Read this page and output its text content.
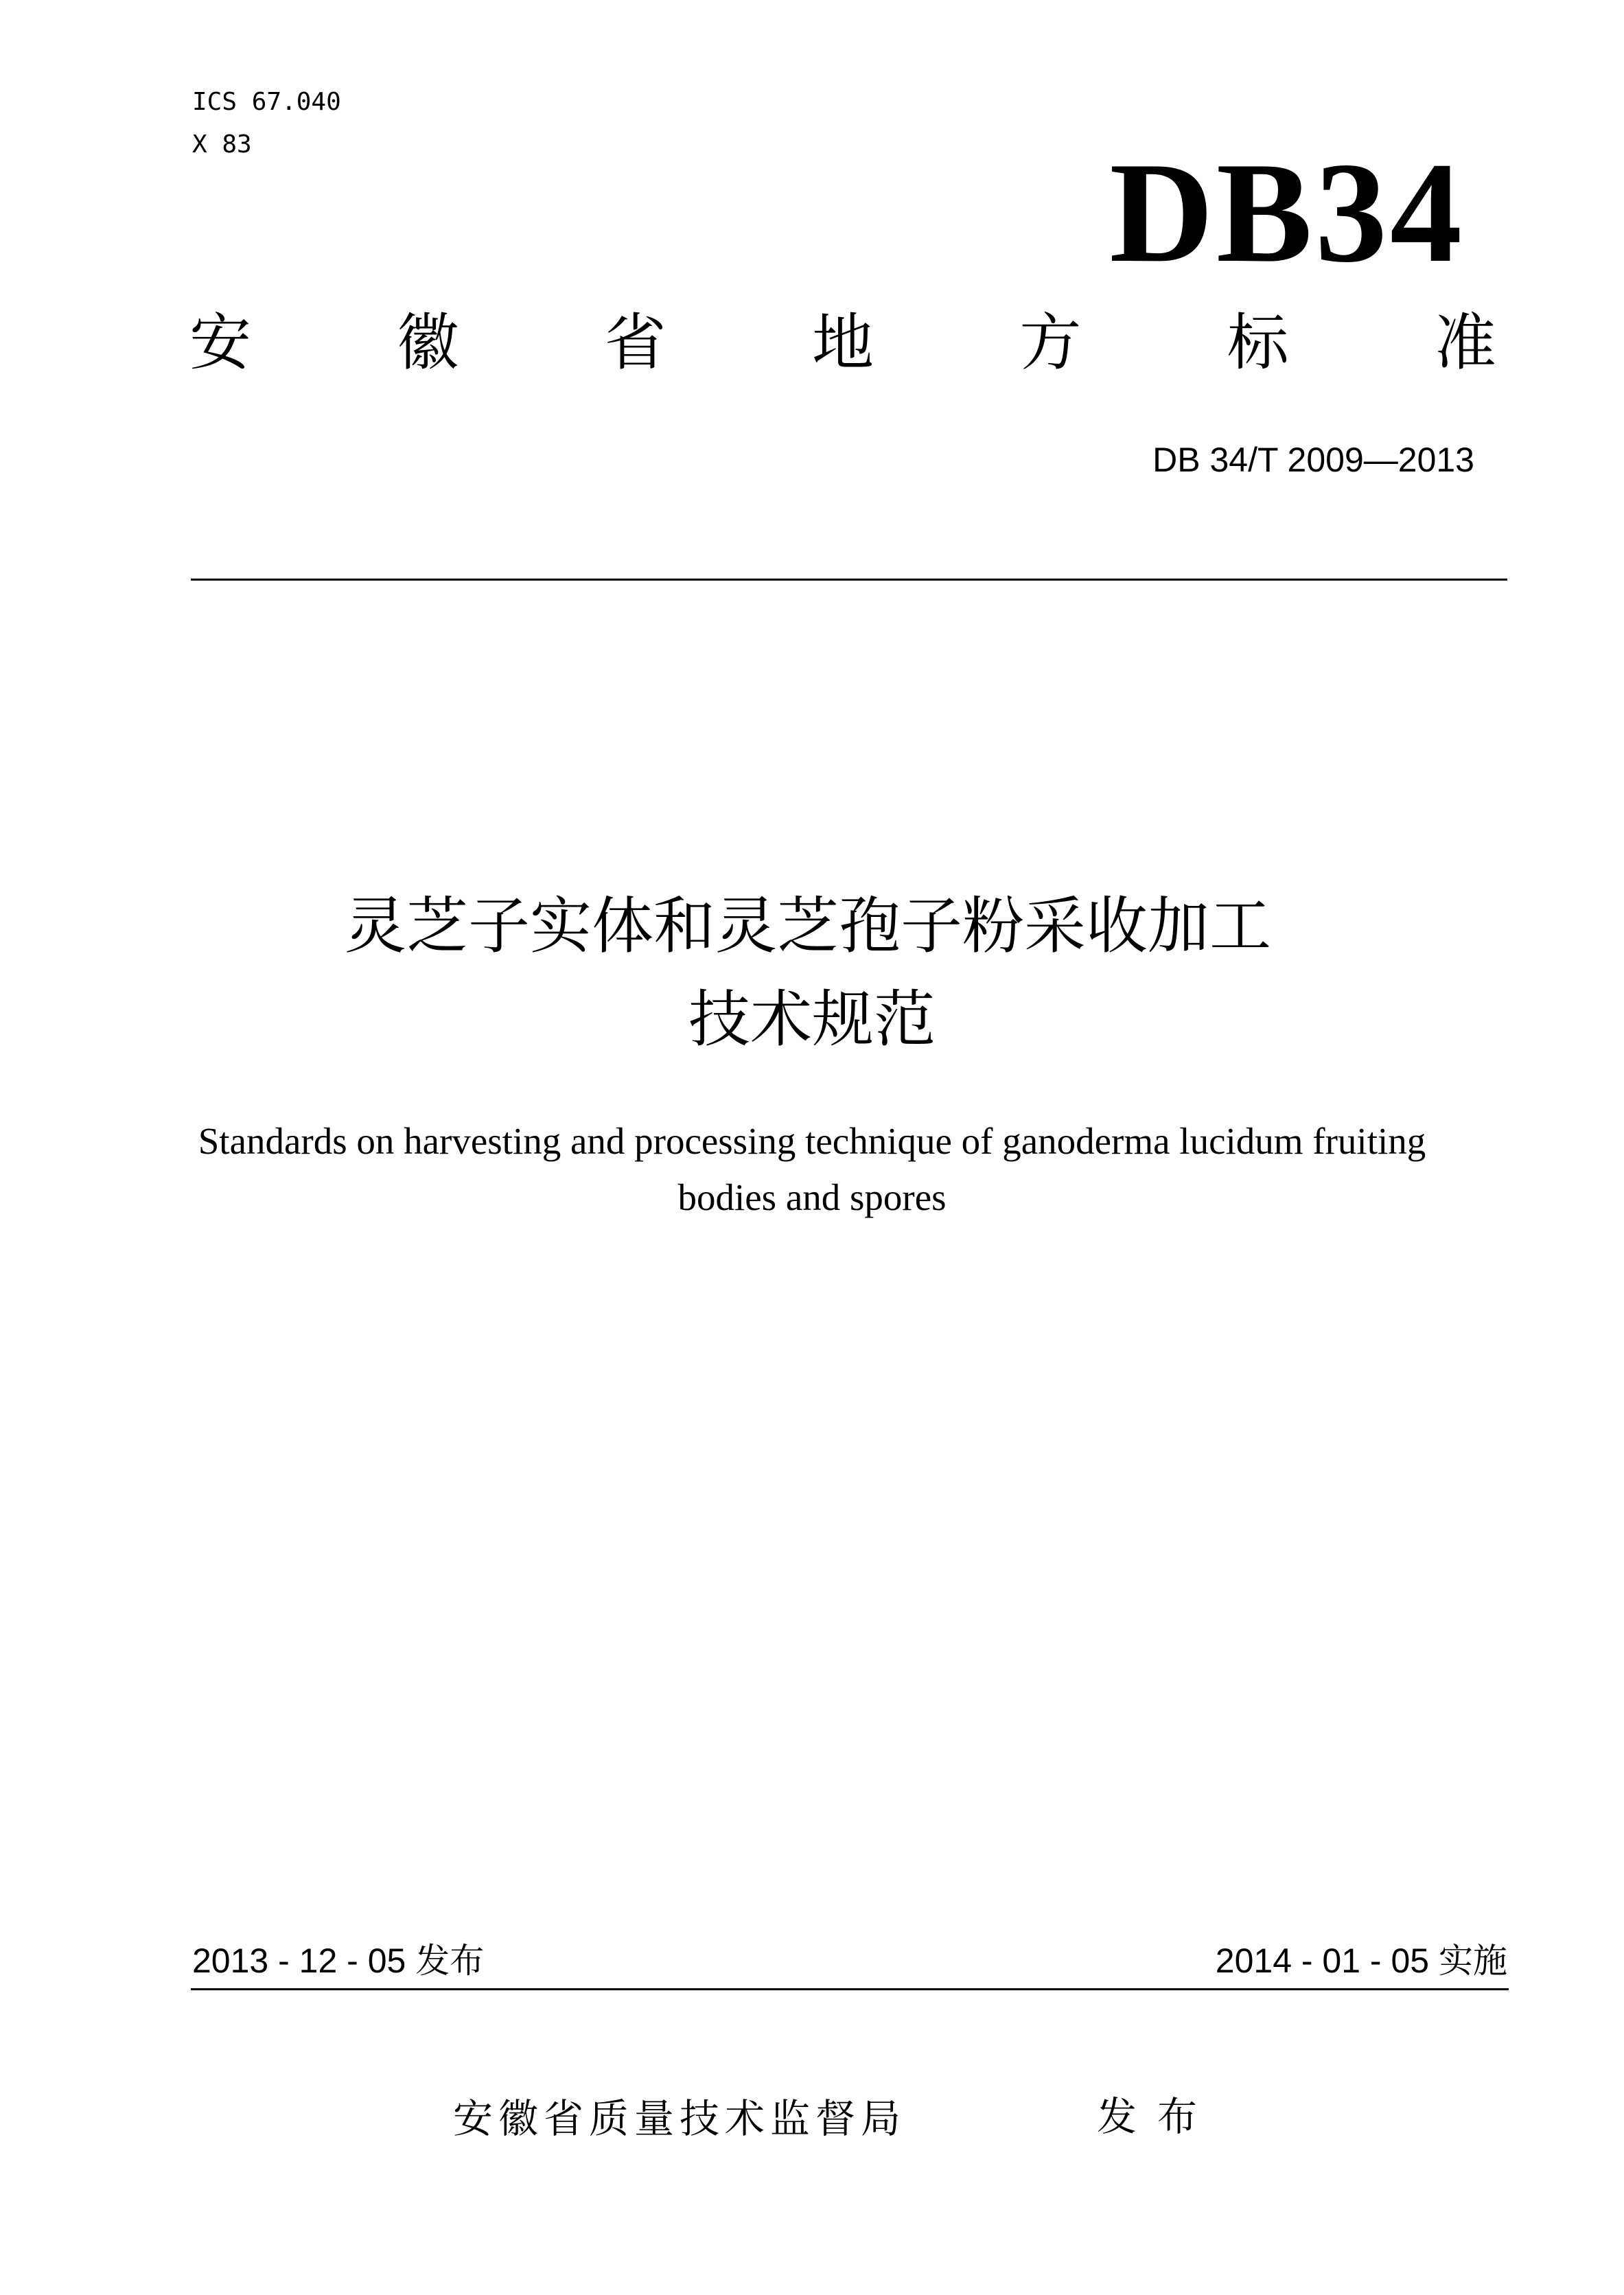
ICS 67.040
X 83	DB34
安 徽 省 地 方 标 准
DB 34/T 2009—2013
灵芝子实体和灵芝孢子粉采收加工
技术规范
Standards on harvesting and processing technique of ganoderma lucidum fruiting
bodies and spores
2013 - 12 - 05 发布	2014 - 01 - 05 实施
安徽省质量技术监督局	发布
